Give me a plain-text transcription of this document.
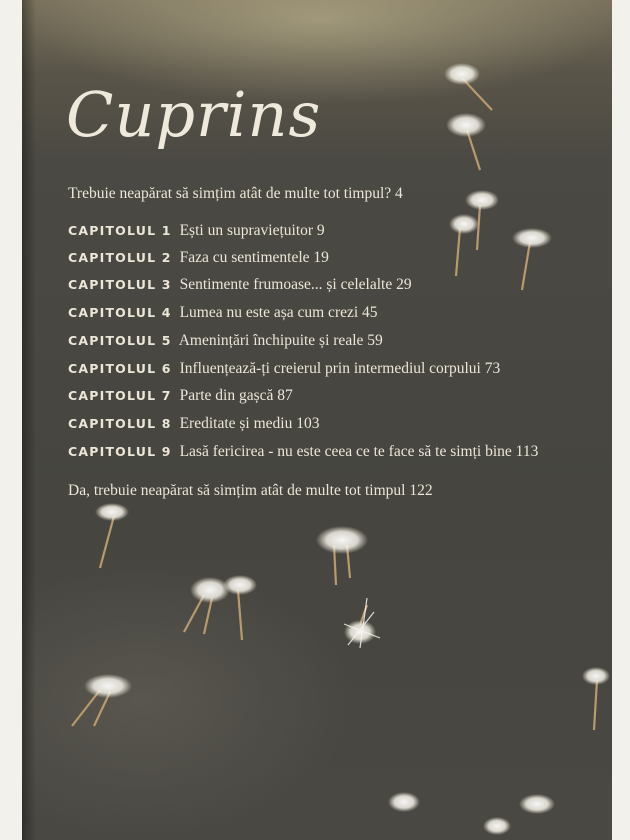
Cuprins
Trebuie neapărat să simțim atât de multe tot timpul? 4
CAPITOLUL 1 Ești un supraviețuitor 9
CAPITOLUL 2 Faza cu sentimentele 19
CAPITOLUL 3 Sentimente frumoase... și celelalte 29
CAPITOLUL 4 Lumea nu este așa cum crezi 45
CAPITOLUL 5 Amenințări închipuite și reale 59
CAPITOLUL 6 Influențează-ți creierul prin intermediul corpului 73
CAPITOLUL 7 Parte din gașcă 87
CAPITOLUL 8 Ereditate și mediu 103
CAPITOLUL 9 Lasă fericirea - nu este ceea ce te face să te simți bine 113
Da, trebuie neapărat să simțim atât de multe tot timpul 122
